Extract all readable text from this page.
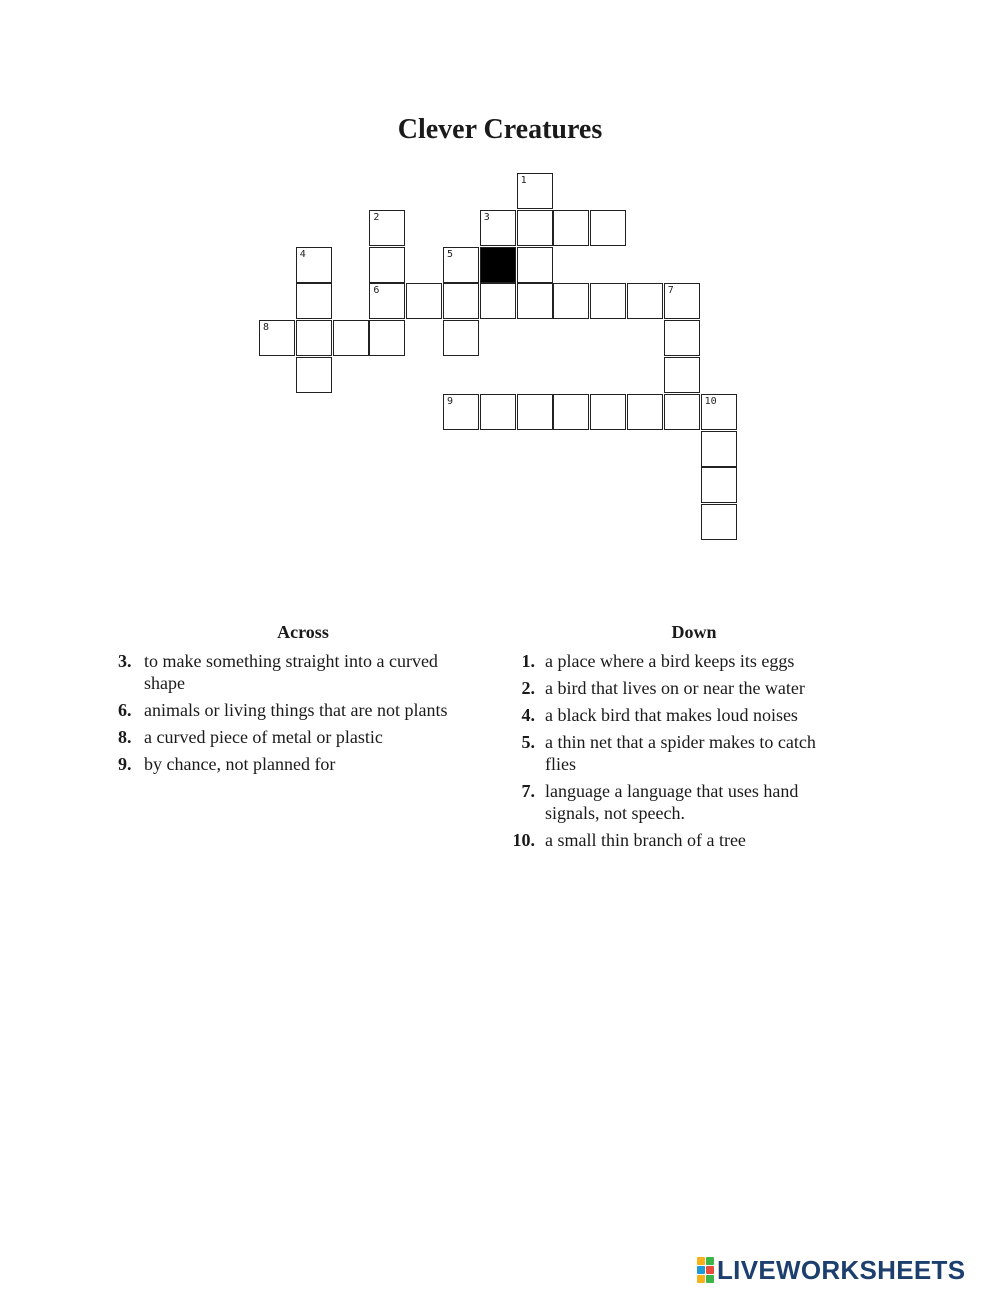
Clever Creatures
1
2	3
4	5
6	7
8
9	10
Across
3. to make something straight into a curved shape
6. animals or living things that are not plants
8. a curved piece of metal or plastic
9. by chance, not planned for
Down
1. a place where a bird keeps its eggs
2. a bird that lives on or near the water
4. a black bird that makes loud noises
5. a thin net that a spider makes to catch flies
7. language a language that uses hand signals, not speech.
10. a small thin branch of a tree
LIVEWORKSHEETS
